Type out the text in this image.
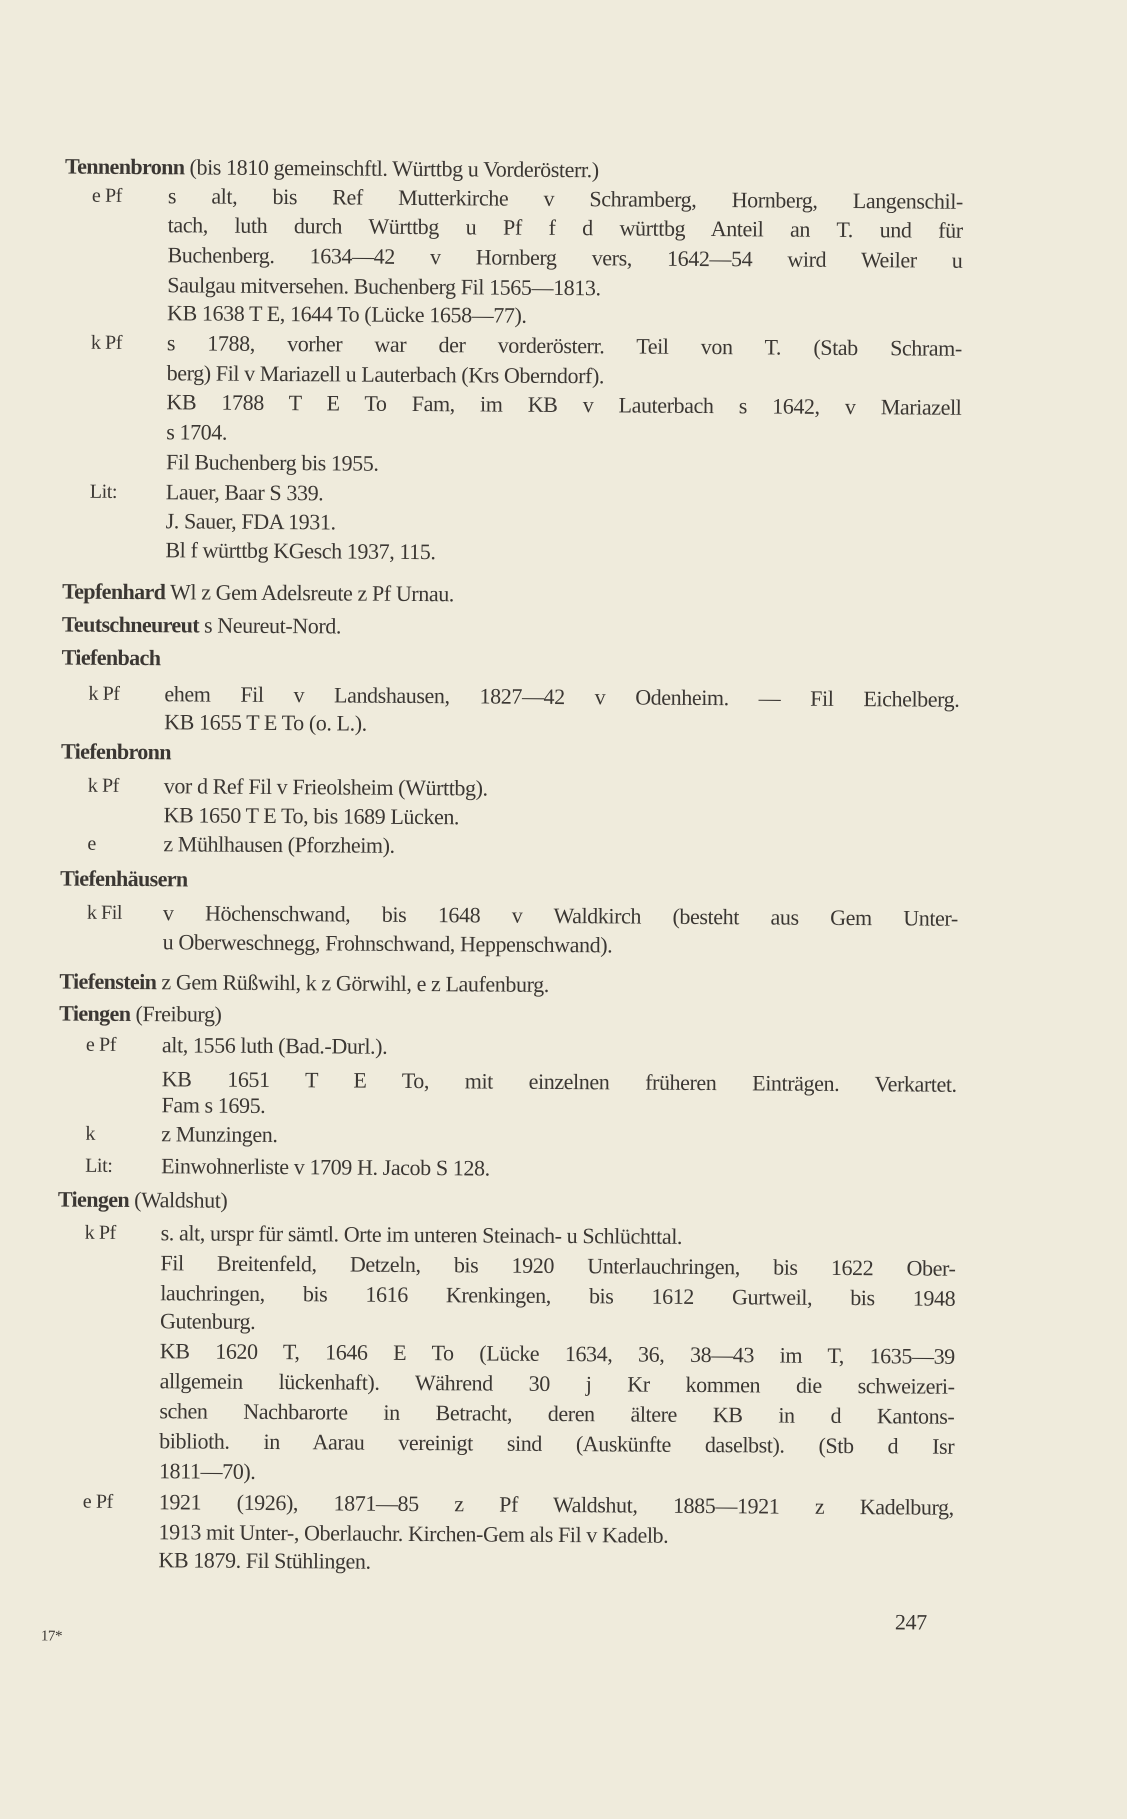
Tennenbronn (bis 1810 gemeinschftl. Württbg u Vorderösterr.)
e Pf s alt, bis Ref Mutterkirche v Schramberg, Hornberg, Langenschil-
tach, luth durch Württbg u Pf f d württbg Anteil an T. und für
Buchenberg. 1634—42 v Hornberg vers, 1642—54 wird Weiler u
Saulgau mitversehen. Buchenberg Fil 1565—1813.
KB 1638 T E, 1644 To (Lücke 1658—77).
k Pf s 1788, vorher war der vorderösterr. Teil von T. (Stab Schram-
berg) Fil v Mariazell u Lauterbach (Krs Oberndorf).
KB 1788 T E To Fam, im KB v Lauterbach s 1642, v Mariazell
s 1704.
Fil Buchenberg bis 1955.
Lit: Lauer, Baar S 339.
J. Sauer, FDA 1931.
Bl f württbg KGesch 1937, 115.
Tepfenhard Wl z Gem Adelsreute z Pf Urnau.
Teutschneureut s Neureut-Nord.
Tiefenbach
k Pf ehem Fil v Landshausen, 1827—42 v Odenheim. — Fil Eichelberg.
KB 1655 T E To (o. L.).
Tiefenbronn
k Pf vor d Ref Fil v Frieolsheim (Württbg).
KB 1650 T E To, bis 1689 Lücken.
e	z Mühlhausen (Pforzheim).
Tiefenhäusern
k Fil v Höchenschwand, bis 1648 v Waldkirch (besteht aus Gem Unter-
u Oberweschnegg, Frohnschwand, Heppenschwand).
Tiefenstein z Gem Rüßwihl, k z Görwihl, e z Laufenburg.
Tiengen (Freiburg)
e Pf alt, 1556 luth (Bad.-Durl.).
KB 1651 T E To, mit einzelnen früheren Einträgen. Verkartet.
Fam s 1695.
k	z Munzingen.
Lit: Einwohnerliste v 1709 H. Jacob S 128.
Tiengen (Waldshut)
k Pf s. alt, urspr für sämtl. Orte im unteren Steinach- u Schlüchttal.
Fil Breitenfeld, Detzeln, bis 1920 Unterlauchringen, bis 1622 Ober-
lauchringen, bis 1616 Krenkingen, bis 1612 Gurtweil, bis 1948
Gutenburg.
KB 1620 T, 1646 E To (Lücke 1634, 36, 38—43 im T, 1635—39
allgemein lückenhaft). Während 30 j Kr kommen die schweizeri-
schen Nachbarorte in Betracht, deren ältere KB in d Kantons-
biblioth. in Aarau vereinigt sind (Auskünfte daselbst). (Stb d Isr
1811—70).
e Pf 1921 (1926), 1871—85 z Pf Waldshut, 1885—1921 z Kadelburg,
1913 mit Unter-, Oberlauchr. Kirchen-Gem als Fil v Kadelb.
KB 1879. Fil Stühlingen.
247
17*
